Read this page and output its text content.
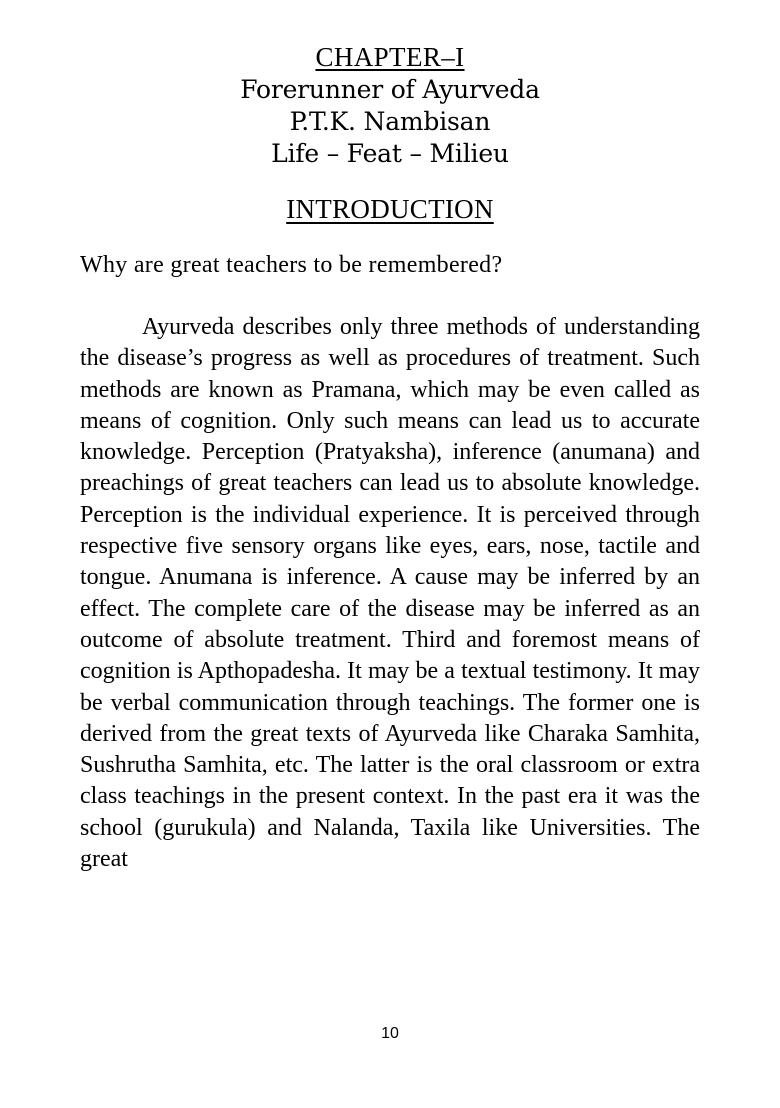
CHAPTER–I
Forerunner of Ayurveda
P.T.K. Nambisan
Life – Feat – Milieu
INTRODUCTION

Why are great teachers to be remembered?

Ayurveda describes only three methods of understanding the disease’s progress as well as procedures of treatment. Such methods are known as Pramana, which may be even called as means of cognition. Only such means can lead us to accurate knowledge. Perception (Pratyaksha), inference (anumana) and preachings of great teachers can lead us to absolute knowledge. Perception is the individual experience. It is perceived through respective five sensory organs like eyes, ears, nose, tactile and tongue. Anumana is inference. A cause may be inferred by an effect. The complete care of the disease may be inferred as an outcome of absolute treatment. Third and foremost means of cognition is Apthopadesha. It may be a textual testimony. It may be verbal communication through teachings. The former one is derived from the great texts of Ayurveda like Charaka Samhita, Sushrutha Samhita, etc. The latter is the oral classroom or extra class teachings in the present context. In the past era it was the school (gurukula) and Nalanda, Taxila like Universities. The great

10
